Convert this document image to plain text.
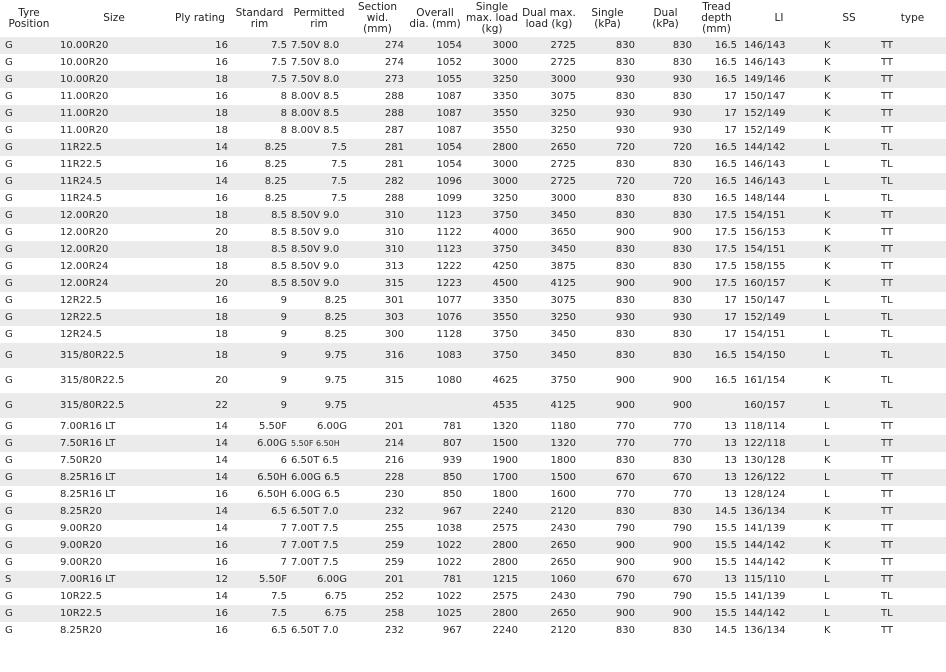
Tyre Position	Size	Ply rating	Standard rim	Permitted rim	Section wid. (mm)	Overall dia. (mm)	Single max. load (kg)	Dual max. load (kg)	Single (kPa)	Dual (kPa)	Tread depth (mm)	LI	SS	type
G	10.00R20	16	7.5	7.50V 8.0	274	1054	3000	2725	830	830	16.5	146/143	K	TT
G	10.00R20	16	7.5	7.50V 8.0	274	1052	3000	2725	830	830	16.5	146/143	K	TT
G	10.00R20	18	7.5	7.50V 8.0	273	1055	3250	3000	930	930	16.5	149/146	K	TT
G	11.00R20	16	8	8.00V 8.5	288	1087	3350	3075	830	830	17	150/147	K	TT
G	11.00R20	18	8	8.00V 8.5	288	1087	3550	3250	930	930	17	152/149	K	TT
G	11.00R20	18	8	8.00V 8.5	287	1087	3550	3250	930	930	17	152/149	K	TT
G	11R22.5	14	8.25	7.5	281	1054	2800	2650	720	720	16.5	144/142	L	TL
G	11R22.5	16	8.25	7.5	281	1054	3000	2725	830	830	16.5	146/143	L	TL
G	11R24.5	14	8.25	7.5	282	1096	3000	2725	720	720	16.5	146/143	L	TL
G	11R24.5	16	8.25	7.5	288	1099	3250	3000	830	830	16.5	148/144	L	TL
G	12.00R20	18	8.5	8.50V 9.0	310	1123	3750	3450	830	830	17.5	154/151	K	TT
G	12.00R20	20	8.5	8.50V 9.0	310	1122	4000	3650	900	900	17.5	156/153	K	TT
G	12.00R20	18	8.5	8.50V 9.0	310	1123	3750	3450	830	830	17.5	154/151	K	TT
G	12.00R24	18	8.5	8.50V 9.0	313	1222	4250	3875	830	830	17.5	158/155	K	TT
G	12.00R24	20	8.5	8.50V 9.0	315	1223	4500	4125	900	900	17.5	160/157	K	TT
G	12R22.5	16	9	8.25	301	1077	3350	3075	830	830	17	150/147	L	TL
G	12R22.5	18	9	8.25	303	1076	3550	3250	930	930	17	152/149	L	TL
G	12R24.5	18	9	8.25	300	1128	3750	3450	830	830	17	154/151	L	TL
G	315/80R22.5	18	9	9.75	316	1083	3750	3450	830	830	16.5	154/150	L	TL
G	315/80R22.5	20	9	9.75	315	1080	4625	3750	900	900	16.5	161/154	K	TL
G	315/80R22.5	22	9	9.75			4535	4125	900	900		160/157	L	TL
G	7.00R16 LT	14	5.50F	6.00G	201	781	1320	1180	770	770	13	118/114	L	TT
G	7.50R16 LT	14	6.00G	5.50F 6.50H	214	807	1500	1320	770	770	13	122/118	L	TT
G	7.50R20	14	6	6.50T 6.5	216	939	1900	1800	830	830	13	130/128	K	TT
G	8.25R16 LT	14	6.50H	6.00G 6.5	228	850	1700	1500	670	670	13	126/122	L	TT
G	8.25R16 LT	16	6.50H	6.00G 6.5	230	850	1800	1600	770	770	13	128/124	L	TT
G	8.25R20	14	6.5	6.50T 7.0	232	967	2240	2120	830	830	14.5	136/134	K	TT
G	9.00R20	14	7	7.00T 7.5	255	1038	2575	2430	790	790	15.5	141/139	K	TT
G	9.00R20	16	7	7.00T 7.5	259	1022	2800	2650	900	900	15.5	144/142	K	TT
G	9.00R20	16	7	7.00T 7.5	259	1022	2800	2650	900	900	15.5	144/142	K	TT
S	7.00R16 LT	12	5.50F	6.00G	201	781	1215	1060	670	670	13	115/110	L	TT
G	10R22.5	14	7.5	6.75	252	1022	2575	2430	790	790	15.5	141/139	L	TL
G	10R22.5	16	7.5	6.75	258	1025	2800	2650	900	900	15.5	144/142	L	TL
G	8.25R20	16	6.5	6.50T 7.0	232	967	2240	2120	830	830	14.5	136/134	K	TT
